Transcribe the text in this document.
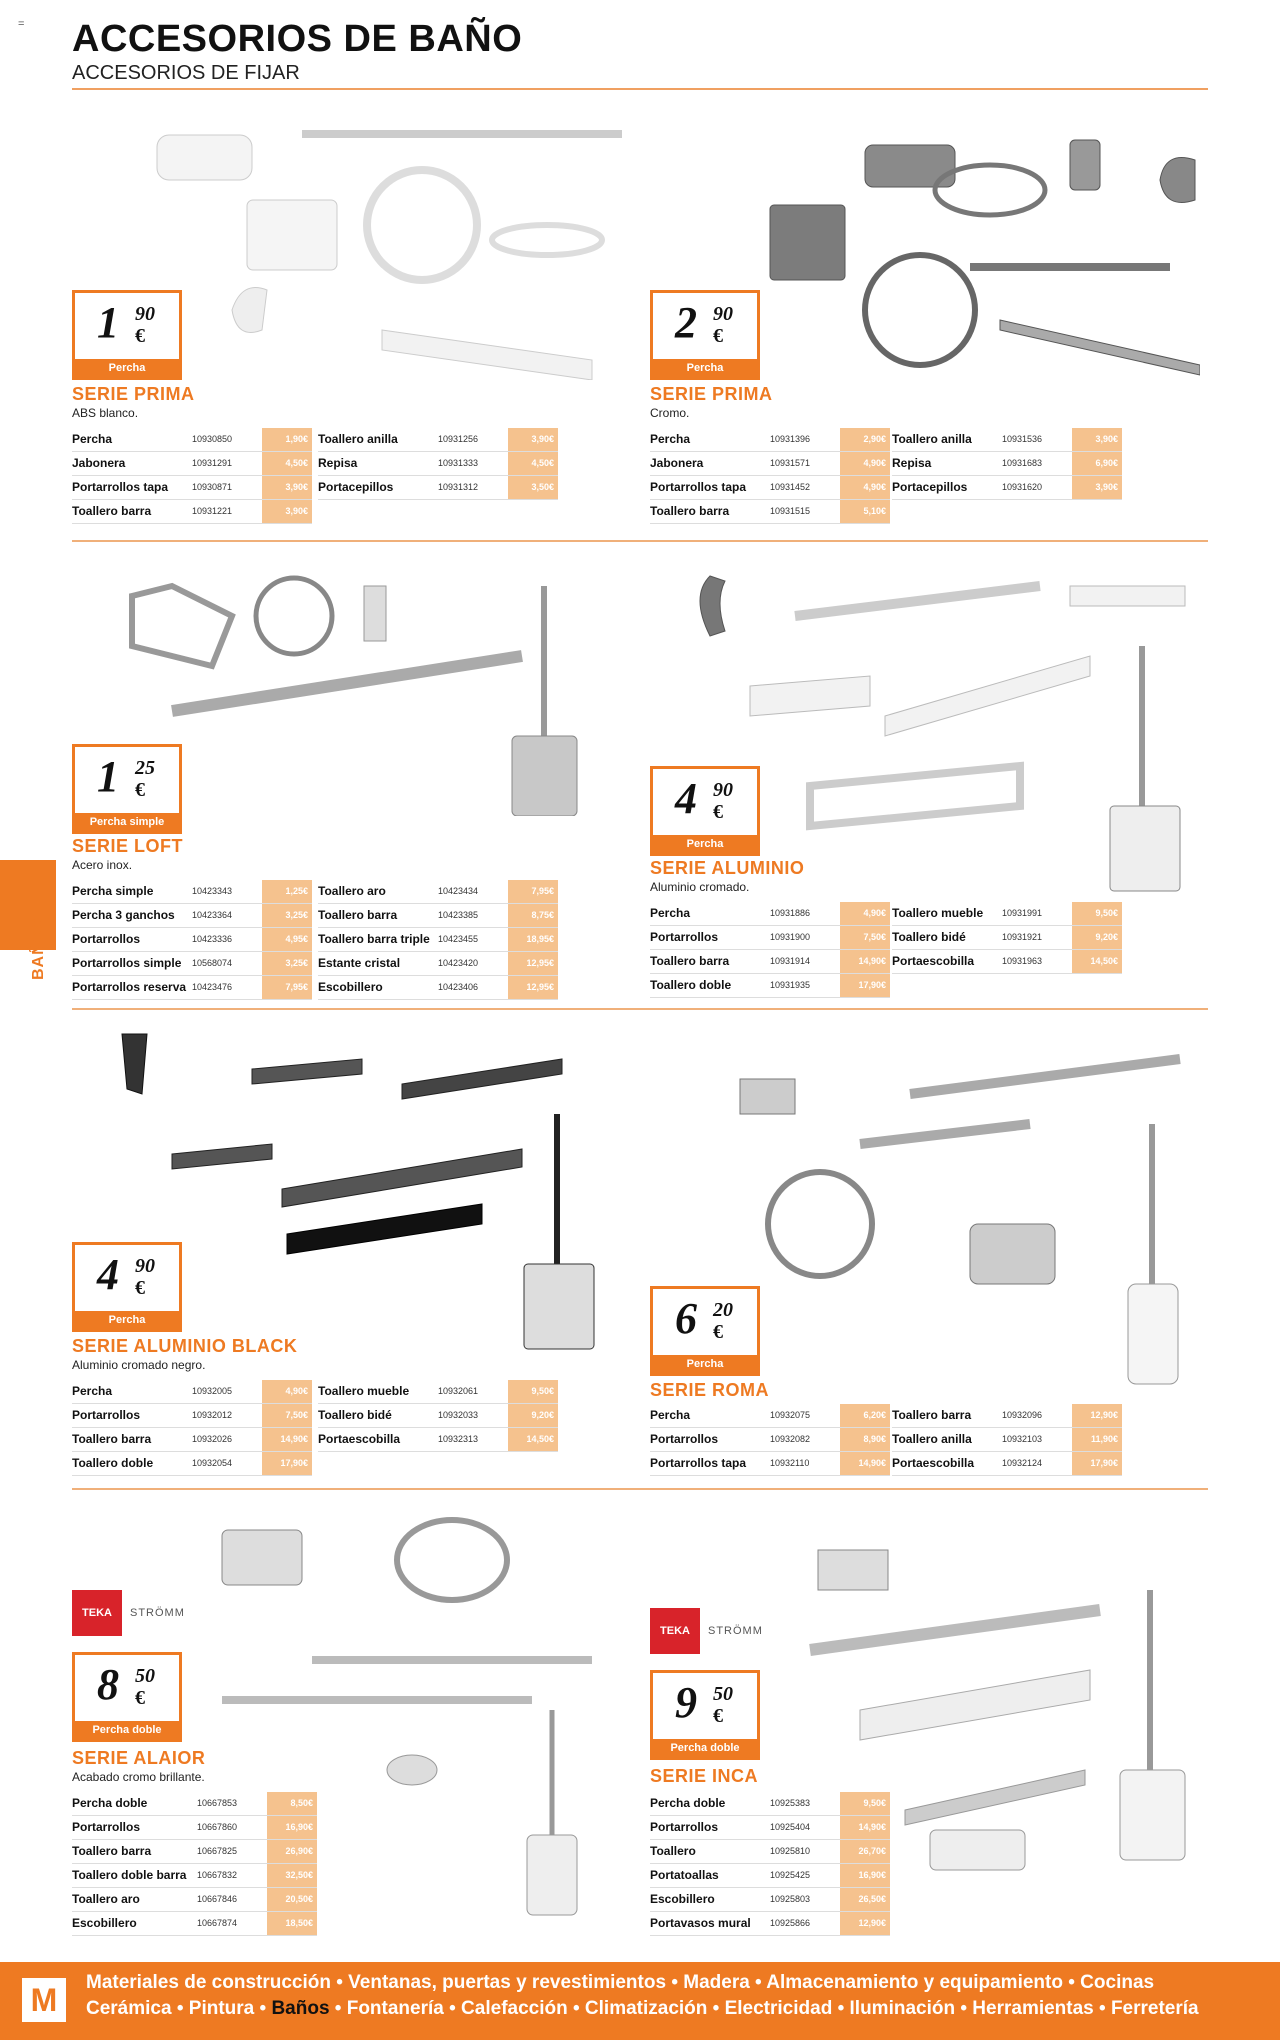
= ACCESORIOS DE BAÑO
ACCESORIOS DE FIJAR
BAÑOS
1 90
€
Percha
SERIE PRIMA
ABS blanco.
Percha	10930850	1,90€
Jabonera	10931291	4,50€
Portarrollos tapa	10930871	3,90€
Toallero barra	10931221	3,90€
Toallero anilla	10931256	3,90€
Repisa	10931333	4,50€
Portacepillos	10931312	3,50€
2 90
€
Percha
SERIE PRIMA
Cromo.
Percha	10931396	2,90€
Jabonera	10931571	4,90€
Portarrollos tapa	10931452	4,90€
Toallero barra	10931515	5,10€
Toallero anilla	10931536	3,90€
Repisa	10931683	6,90€
Portacepillos	10931620	3,90€
1 25
€
Percha simple
SERIE LOFT
Acero inox.
Percha simple	10423343	1,25€
Percha 3 ganchos	10423364	3,25€
Portarrollos	10423336	4,95€
Portarrollos simple	10568074	3,25€
Portarrollos reserva 10423476	7,95€
Toallero aro	10423434	7,95€
Toallero barra	10423385	8,75€
Toallero barra triple 10423455	18,95€
Estante cristal	10423420	12,95€
Escobillero	10423406	12,95€
4 90
€
Percha
SERIE ALUMINIO
Aluminio cromado.
Percha	10931886	4,90€
Portarrollos	10931900	7,50€
Toallero barra	10931914	14,90€
Toallero doble	10931935	17,90€
Toallero mueble	10931991	9,50€
Toallero bidé	10931921	9,20€
Portaescobilla	10931963	14,50€
4 90
€
Percha
SERIE ALUMINIO BLACK
Aluminio cromado negro.
Percha	10932005	4,90€
Portarrollos	10932012	7,50€
Toallero barra	10932026	14,90€
Toallero doble	10932054	17,90€
Toallero mueble	10932061	9,50€
Toallero bidé	10932033	9,20€
Portaescobilla	10932313	14,50€
6 20
€
Percha
SERIE ROMA
Percha	10932075	6,20€
Portarrollos	10932082	8,90€
Portarrollos tapa	10932110	14,90€
Toallero barra	10932096	12,90€
Toallero anilla	10932103	11,90€
Portaescobilla	10932124	17,90€
TEKA	STRÖMM
8 50
€
Percha doble
SERIE ALAIOR
Acabado cromo brillante.
Percha doble	10667853	8,50€
Portarrollos	10667860	16,90€
Toallero barra	10667825	26,90€
Toallero doble barra	10667832	32,50€
Toallero aro	10667846	20,50€
Escobillero	10667874	18,50€
TEKA	STRÖMM
9 50
€
Percha doble
SERIE INCA
Percha doble	10925383	9,50€
Portarrollos	10925404	14,90€
Toallero	10925810	26,70€
Portatoallas	10925425	16,90€
Escobillero	10925803	26,50€
Portavasos mural	10925866	12,90€
M	Materiales de construcción • Ventanas, puertas y revestimientos • Madera • Almacenamiento y equipamiento • Cocinas
Cerámica • Pintura • Baños • Fontanería • Calefacción • Climatización • Electricidad • Iluminación • Herramientas • Ferretería
